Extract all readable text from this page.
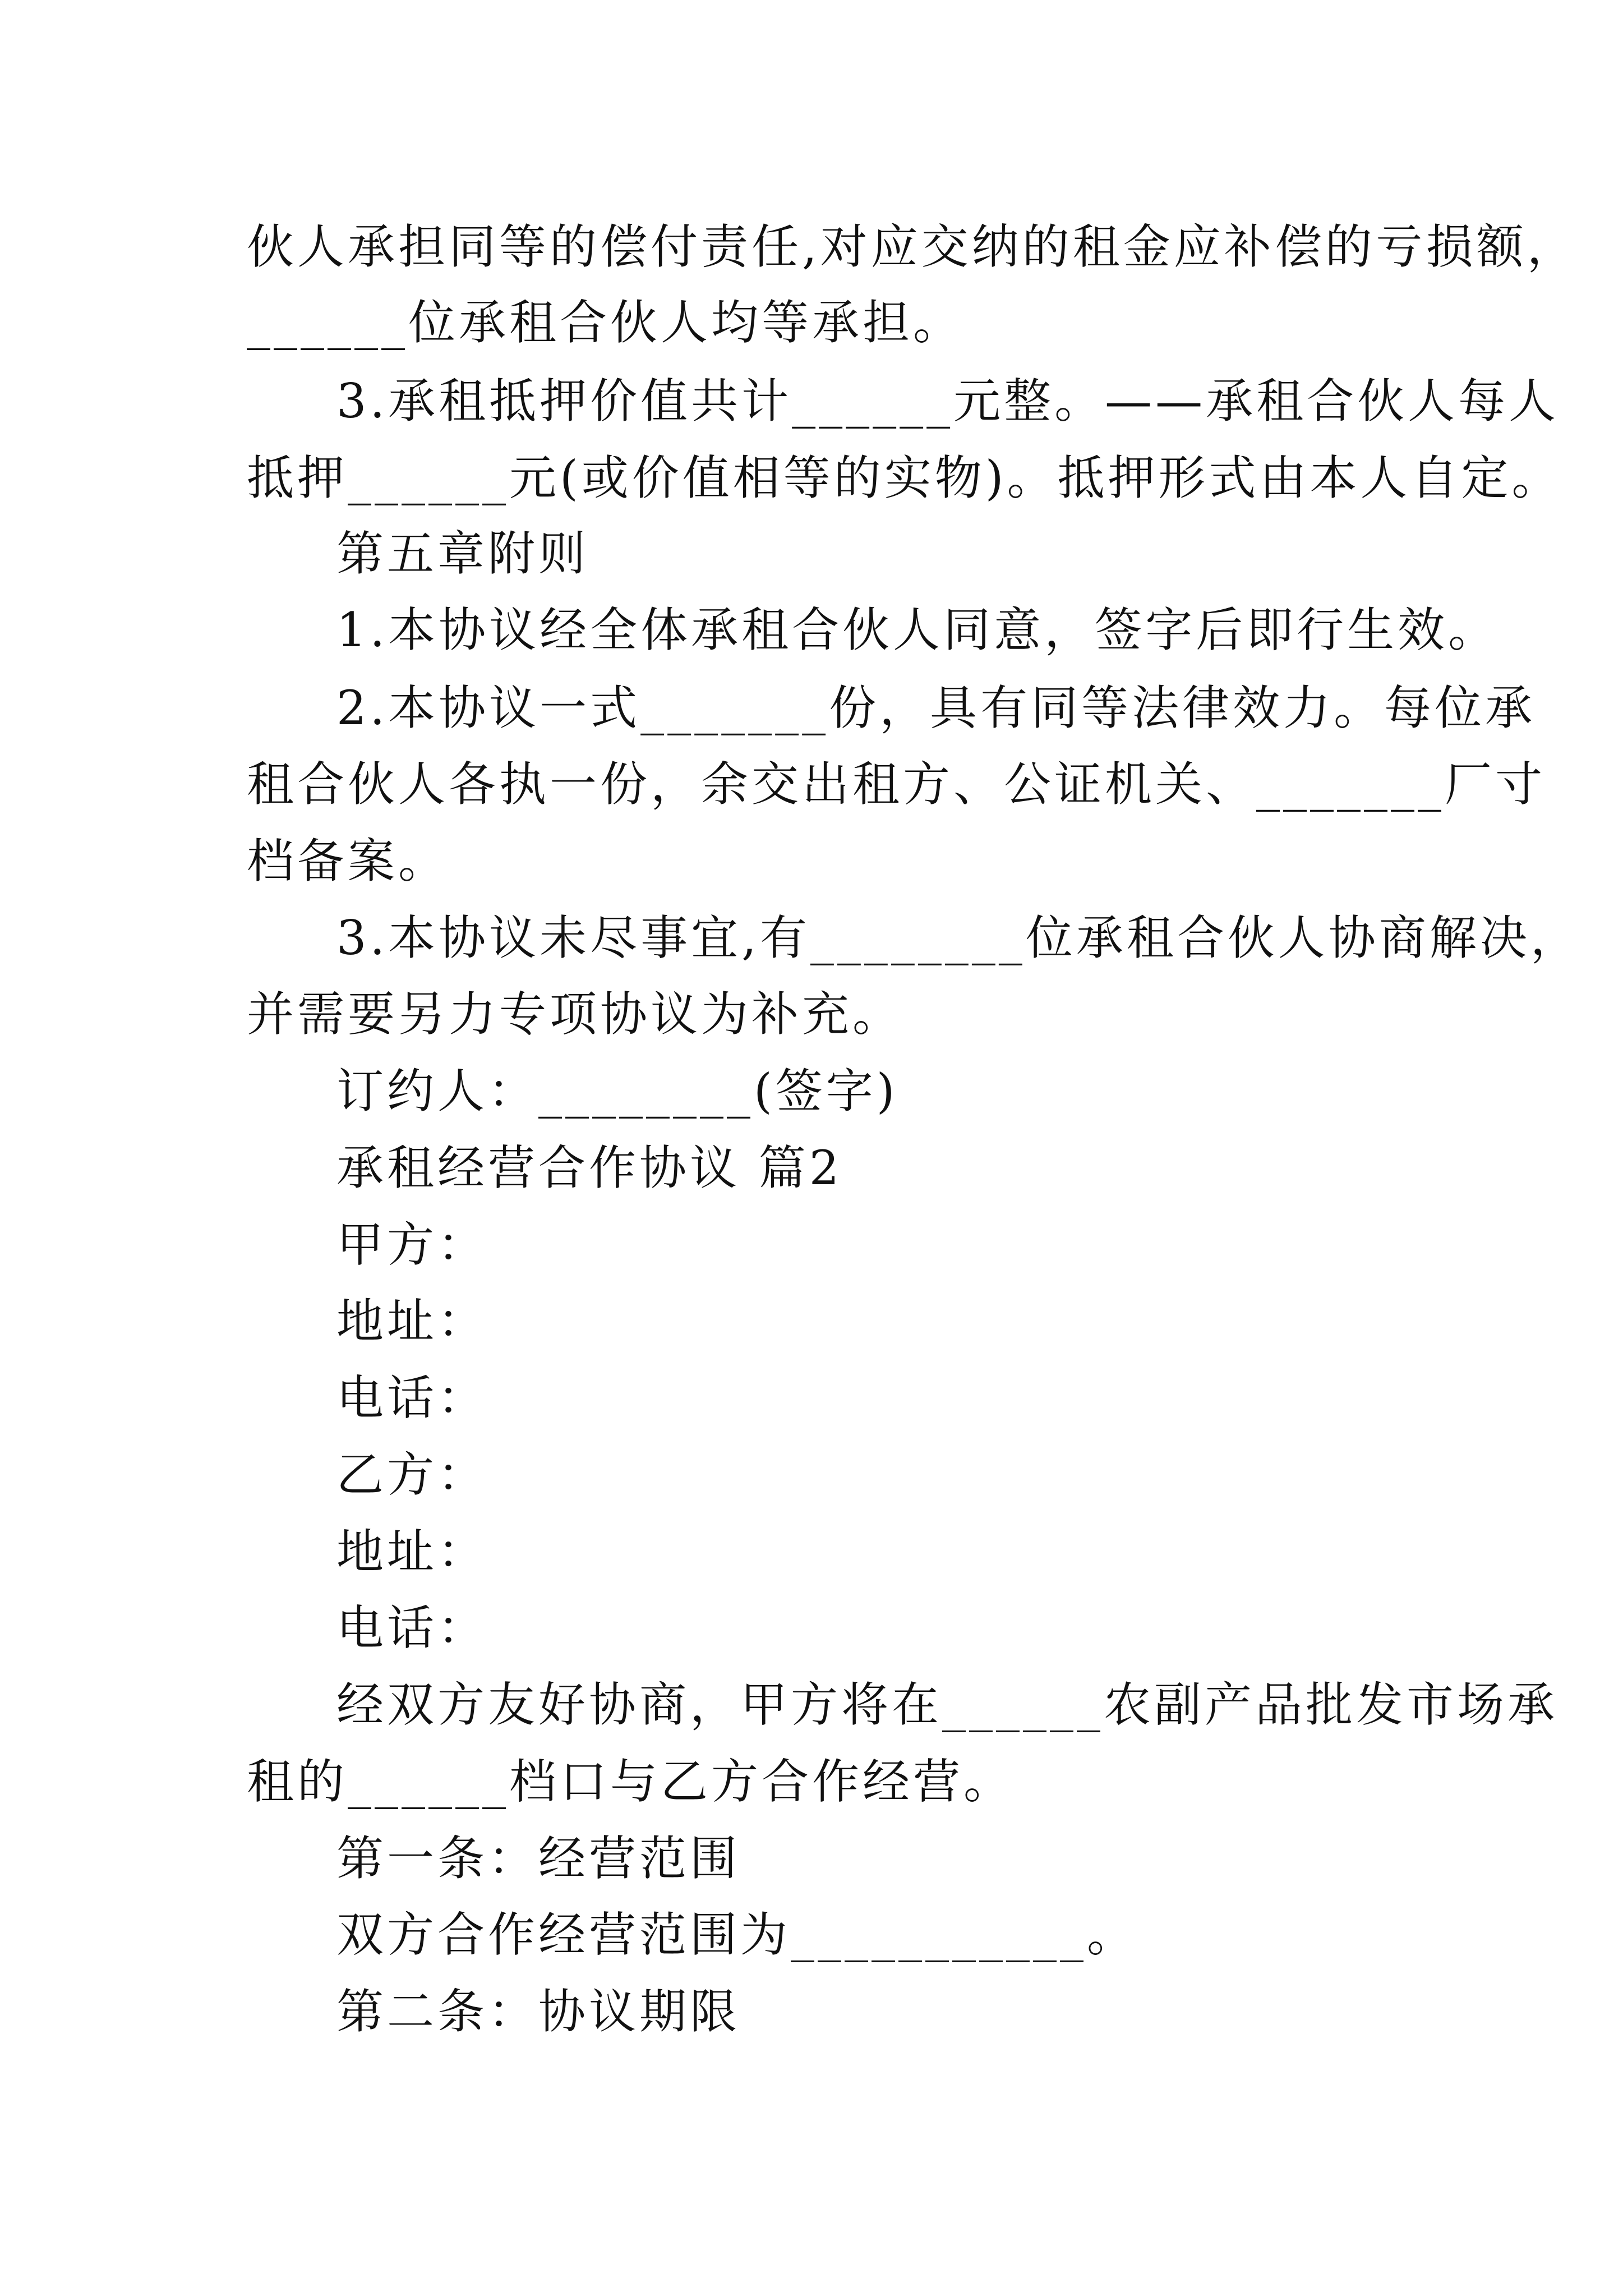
伙人承担同等的偿付责任,对应交纳的租金应补偿的亏损额，
______位承租合伙人均等承担。
3.承租抵押价值共计______元整。——承租合伙人每人
抵押______元(或价值相等的实物)。抵押形式由本人自定。
第五章附则
1.本协议经全体承租合伙人同意，签字后即行生效。
2.本协议一式_______份，具有同等法律效力。每位承
租合伙人各执一份，余交出租方、公证机关、_______厂寸
档备案。
3.本协议未尽事宜,有________位承租合伙人协商解决，
并需要另力专项协议为补充。
订约人：________(签字)
承租经营合作协议 篇2
甲方：
地址：
电话：
乙方：
地址：
电话：
经双方友好协商，甲方将在______农副产品批发市场承
租的______档口与乙方合作经营。
第一条：经营范围
双方合作经营范围为___________。
第二条：协议期限
